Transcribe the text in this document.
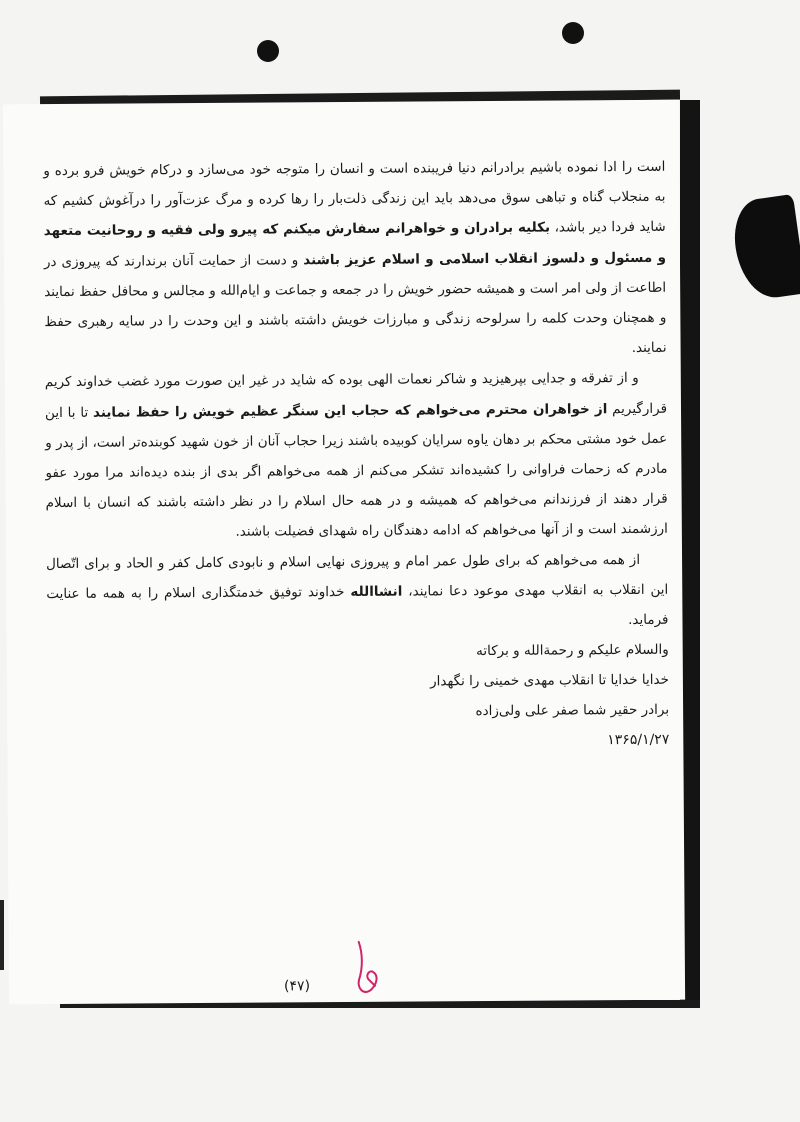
است را ادا نموده باشیم برادرانم دنیا فریبنده است و انسان را متوجه خود می‌سازد و درکام خویش فرو برده و به منجلاب گناه و تباهی سوق می‌دهد باید این زندگی ذلت‌بار را رها کرده و مرگ عزت‌آور را درآغوش کشیم که شاید فردا دیر باشد، بکلیه برادران و خواهرانم سفارش میکنم که پیرو ولی فقیه و روحانیت متعهد و مسئول و دلسوز انقلاب اسلامی و اسلام عزیز باشند و دست از حمایت آنان برندارند که پیروزی در اطاعت از ولی امر است و همیشه حضور خویش را در جمعه و جماعت و ایام‌الله و مجالس و محافل حفظ نمایند و همچنان وحدت کلمه را سرلوحه زندگی و مبارزات خویش داشته باشند و این وحدت را در سایه رهبری حفظ نمایند.

و از تفرقه و جدایی بپرهیزید و شاکر نعمات الهی بوده که شاید در غیر این صورت مورد غضب خداوند کریم قرارگیریم از خواهران محترم می‌خواهم که حجاب این سنگر عظیم خویش را حفظ نمایند تا با این عمل خود مشتی محکم بر دهان یاوه سرایان کوبیده باشند زیرا حجاب آنان از خون شهید کوبنده‌تر است، از پدر و مادرم که زحمات فراوانی را کشیده‌اند تشکر می‌کنم از همه می‌خواهم اگر بدی از بنده دیده‌اند مرا مورد عفو قرار دهند از فرزندانم می‌خواهم که همیشه و در همه حال اسلام را در نظر داشته باشند که انسان با اسلام ارزشمند است و از آنها می‌خواهم که ادامه دهندگان راه شهدای فضیلت باشند.

از همه می‌خواهم که برای طول عمر امام و پیروزی نهایی اسلام و نابودی کامل کفر و الحاد و برای اتّصال این انقلاب به انقلاب مهدی موعود دعا نمایند، انشاالله خداوند توفیق خدمتگذاری اسلام را به همه ما عنایت فرماید.

والسلام علیکم و رحمة‌الله و برکاته
خدایا خدایا تا انقلاب مهدی خمینی را نگهدار
برادر حقیر شما صفر علی ولی‌زاده
۱۳۶۵/۱/۲۷
(۴۷)
